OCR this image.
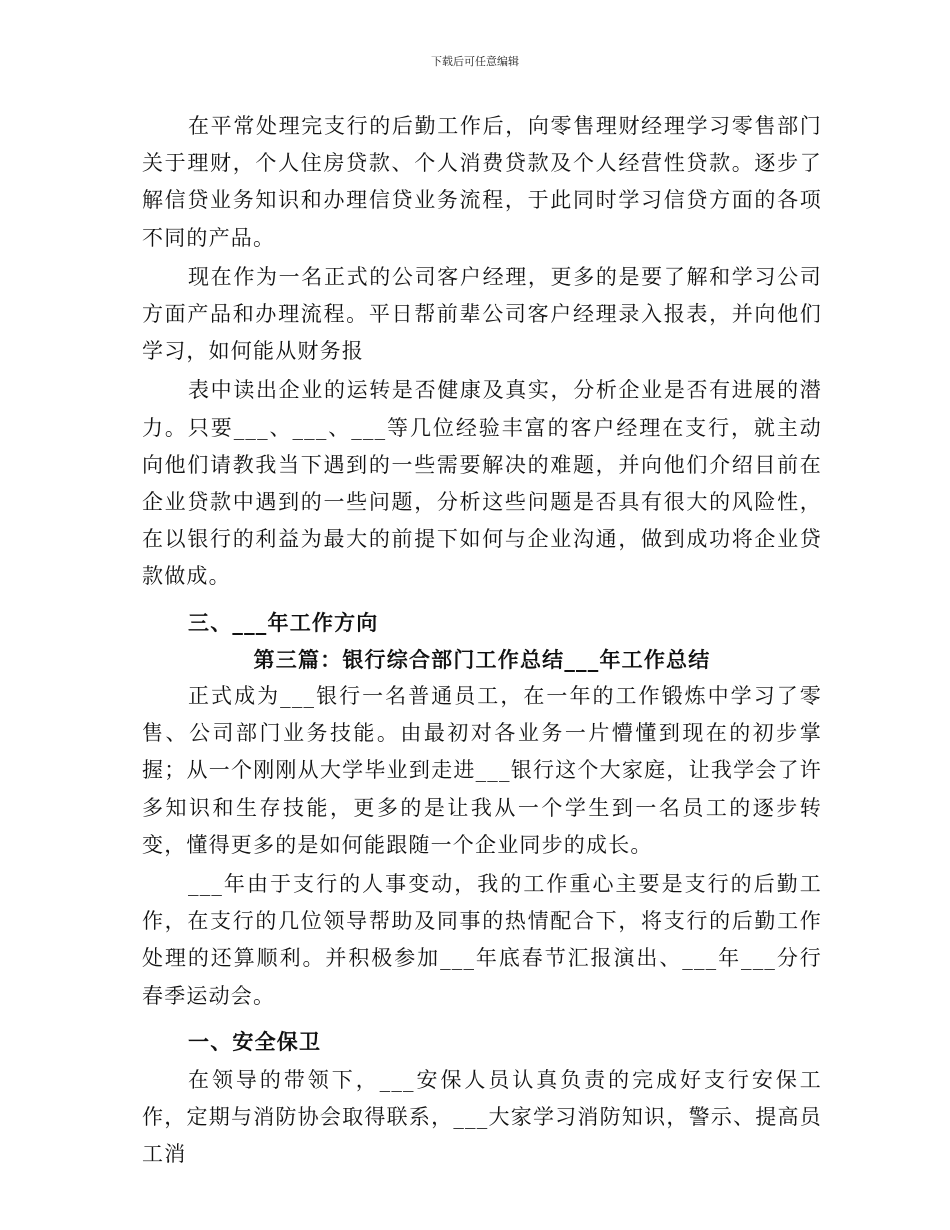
下载后可任意编辑

在平常处理完支行的后勤工作后，向零售理财经理学习零售部门关于理财，个人住房贷款、个人消费贷款及个人经营性贷款。逐步了解信贷业务知识和办理信贷业务流程，于此同时学习信贷方面的各项不同的产品。

现在作为一名正式的公司客户经理，更多的是要了解和学习公司方面产品和办理流程。平日帮前辈公司客户经理录入报表，并向他们学习，如何能从财务报

表中读出企业的运转是否健康及真实，分析企业是否有进展的潜力。只要___、___、___等几位经验丰富的客户经理在支行，就主动向他们请教我当下遇到的一些需要解决的难题，并向他们介绍目前在企业贷款中遇到的一些问题，分析这些问题是否具有很大的风险性，在以银行的利益为最大的前提下如何与企业沟通，做到成功将企业贷款做成。

三、___年工作方向

第三篇：银行综合部门工作总结___年工作总结

正式成为___银行一名普通员工，在一年的工作锻炼中学习了零售、公司部门业务技能。由最初对各业务一片懵懂到现在的初步掌握；从一个刚刚从大学毕业到走进___银行这个大家庭，让我学会了许多知识和生存技能，更多的是让我从一个学生到一名员工的逐步转变，懂得更多的是如何能跟随一个企业同步的成长。

___年由于支行的人事变动，我的工作重心主要是支行的后勤工作，在支行的几位领导帮助及同事的热情配合下，将支行的后勤工作处理的还算顺利。并积极参加___年底春节汇报演出、___年___分行春季运动会。

一、安全保卫

在领导的带领下，___安保人员认真负责的完成好支行安保工作，定期与消防协会取得联系，___大家学习消防知识，警示、提高员工消
